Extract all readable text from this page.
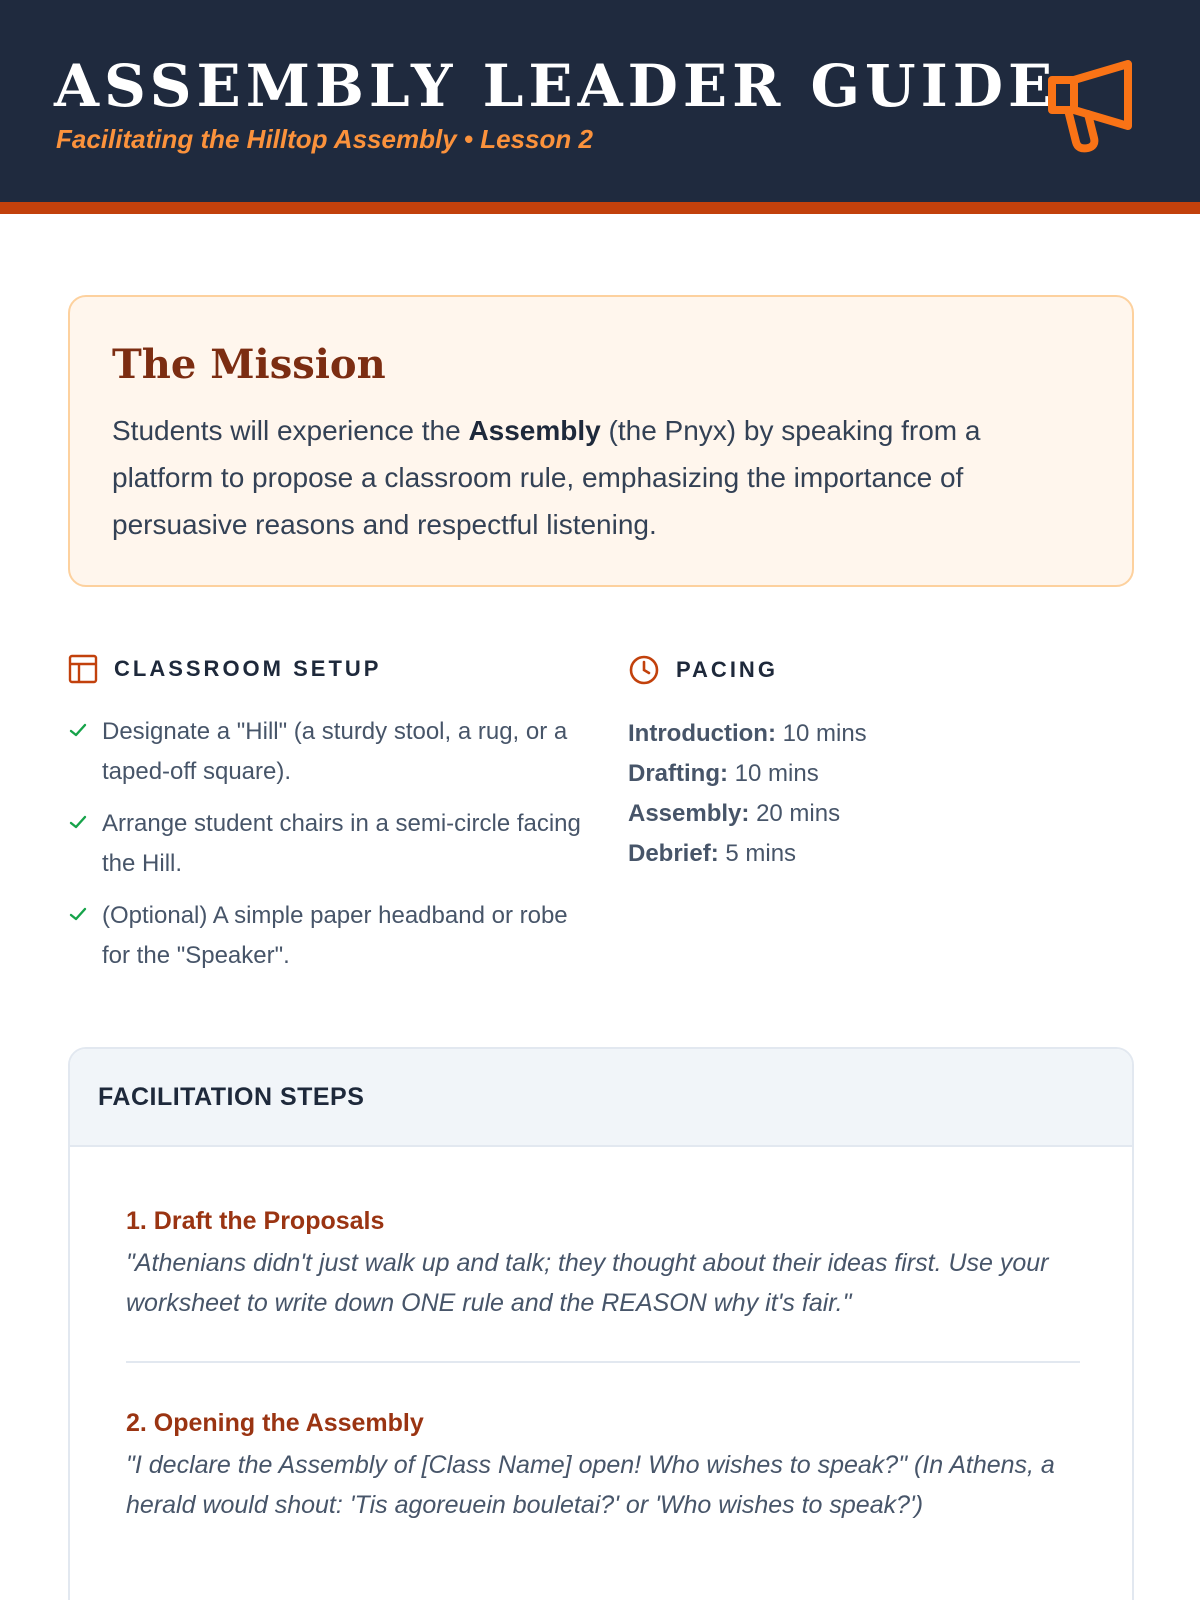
ASSEMBLY LEADER GUIDE
Facilitating the Hilltop Assembly • Lesson 2
The Mission

Students will experience the Assembly (the Pnyx) by speaking from a platform to propose a classroom rule, emphasizing the importance of persuasive reasons and respectful listening.

CLASSROOM SETUP
Designate a "Hill" (a sturdy stool, a rug, or a taped-off square).
Arrange student chairs in a semi-circle facing the Hill.
(Optional) A simple paper headband or robe for the "Speaker".
PACING
Introduction: 10 mins
Drafting: 10 mins
Assembly: 20 mins
Debrief: 5 mins
FACILITATION STEPS
1. Draft the Proposals
"Athenians didn't just walk up and talk; they thought about their ideas first. Use your worksheet to write down ONE rule and the REASON why it's fair."
2. Opening the Assembly
"I declare the Assembly of [Class Name] open! Who wishes to speak?" (In Athens, a herald would shout: 'Tis agoreuein bouletai?' or 'Who wishes to speak?')
